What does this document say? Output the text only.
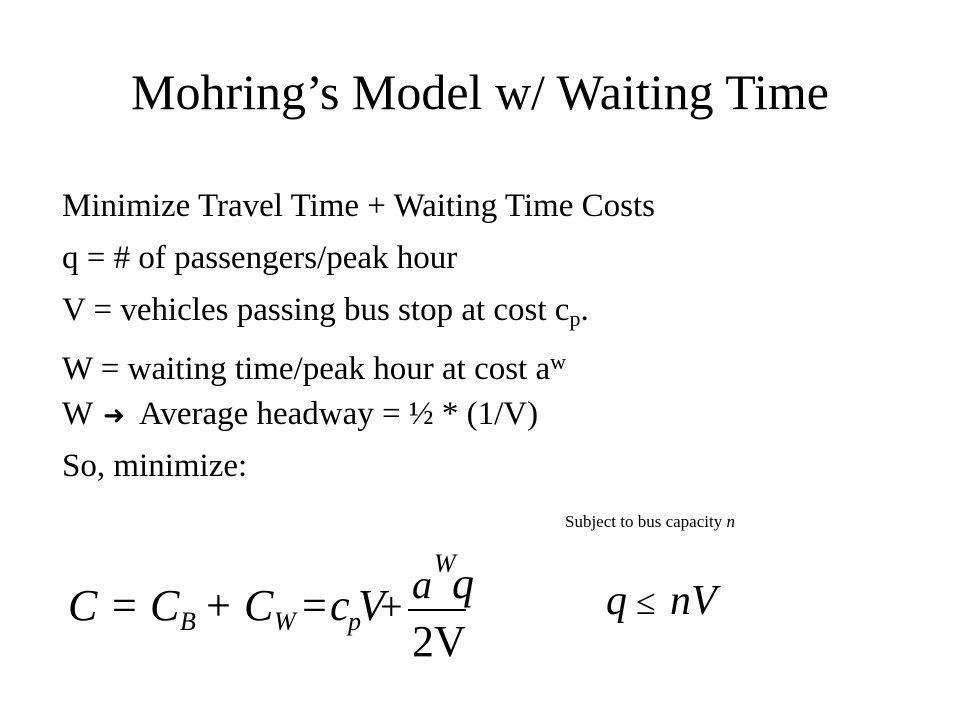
Mohring’s Model w/ Waiting Time
Minimize Travel Time + Waiting Time Costs
q = # of passengers/peak hour
V = vehicles passing bus stop at cost $c_p$.
W = waiting time/peak hour at cost $a^w$
W ➜ Average headway = ½ * (1/V)
So, minimize:
Subject to bus capacity n
C C C c V q
2V
B	W p
W
= + = + a	q ≤ nV
